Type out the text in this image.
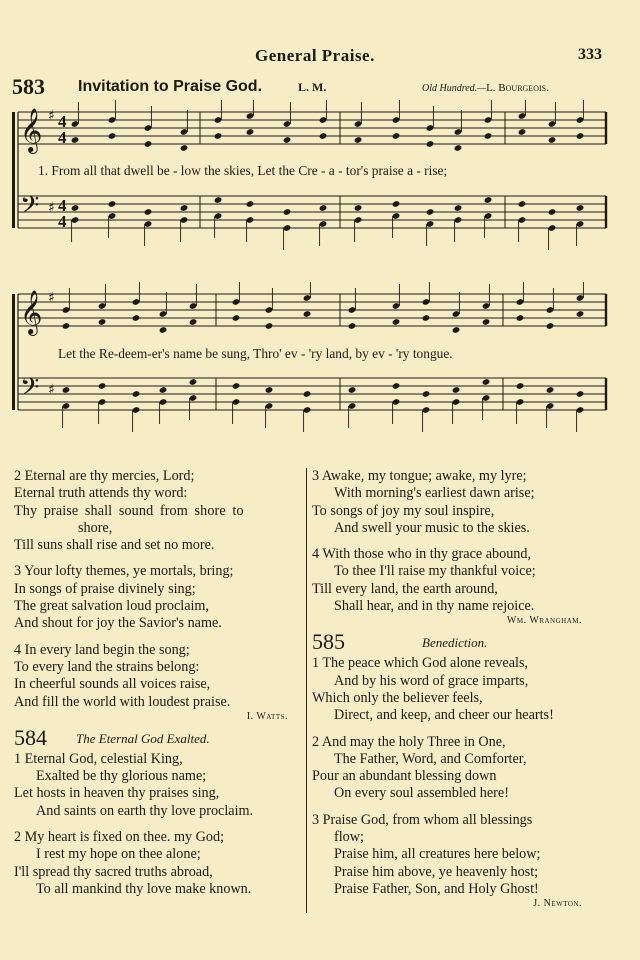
General Praise.	333
583 Invitation to Praise God.	L. M.	Old Hundred.—L. Bourgeois.
𝄞
𝄢
♯
♯
4
4
4
4
1. From all that dwell be - low the skies, Let the Cre - a - tor's praise a - rise;
𝄞
𝄢
♯
♯
Let the Re-deem-er's name be sung, Thro' ev - 'ry land, by ev - 'ry tongue.
2 Eternal are thy mercies, Lord;
Eternal truth attends thy word:
Thy praise shall sound from shore to
shore,
Till suns shall rise and set no more.
3 Your lofty themes, ye mortals, bring;
In songs of praise divinely sing;
The great salvation loud proclaim,
And shout for joy the Savior's name.
4 In every land begin the song;
To every land the strains belong:
In cheerful sounds all voices raise,
And fill the world with loudest praise.
I. Watts.
584 The Eternal God Exalted.
1 Eternal God, celestial King,
Exalted be thy glorious name;
Let hosts in heaven thy praises sing,
And saints on earth thy love proclaim.
2 My heart is fixed on thee. my God;
I rest my hope on thee alone;
I'll spread thy sacred truths abroad,
To all mankind thy love make known.
3 Awake, my tongue; awake, my lyre;
With morning's earliest dawn arise;
To songs of joy my soul inspire,
And swell your music to the skies.
4 With those who in thy grace abound,
To thee I'll raise my thankful voice;
Till every land, the earth around,
Shall hear, and in thy name rejoice.
Wm. Wrangham.
585	Benediction.
1 The peace which God alone reveals,
And by his word of grace imparts,
Which only the believer feels,
Direct, and keep, and cheer our hearts!
2 And may the holy Three in One,
The Father, Word, and Comforter,
Pour an abundant blessing down
On every soul assembled here!
3 Praise God, from whom all blessings
flow;
Praise him, all creatures here below;
Praise him above, ye heavenly host;
Praise Father, Son, and Holy Ghost!
J. Newton.
